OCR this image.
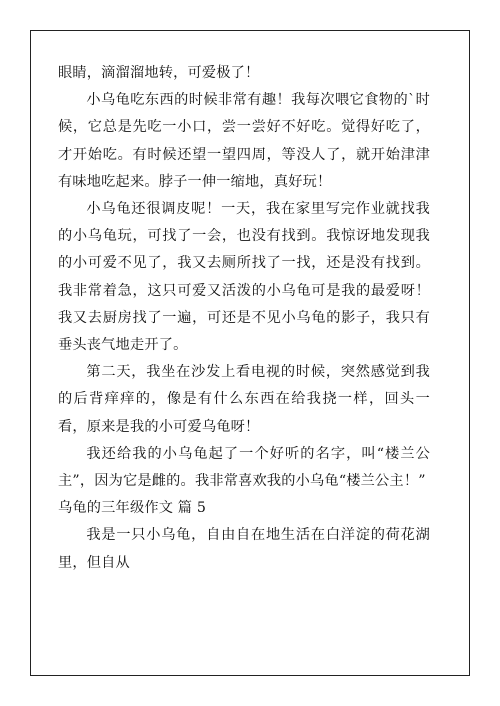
眼睛，滴溜溜地转，可爱极了！

小乌龟吃东西的时候非常有趣！我每次喂它食物的`时候，它总是先吃一小口，尝一尝好不好吃。觉得好吃了，才开始吃。有时候还望一望四周，等没人了，就开始津津有味地吃起来。脖子一伸一缩地，真好玩！

小乌龟还很调皮呢！一天，我在家里写完作业就找我的小乌龟玩，可找了一会，也没有找到。我惊讶地发现我的小可爱不见了，我又去厕所找了一找，还是没有找到。我非常着急，这只可爱又活泼的小乌龟可是我的最爱呀！我又去厨房找了一遍，可还是不见小乌龟的影子，我只有垂头丧气地走开了。

第二天，我坐在沙发上看电视的时候，突然感觉到我的后背痒痒的，像是有什么东西在给我挠一样，回头一看，原来是我的小可爱乌龟呀！

我还给我的小乌龟起了一个好听的名字，叫“楼兰公主”，因为它是雌的。我非常喜欢我的小乌龟“楼兰公主！”

乌龟的三年级作文 篇 5

我是一只小乌龟，自由自在地生活在白洋淀的荷花湖里，但自从
